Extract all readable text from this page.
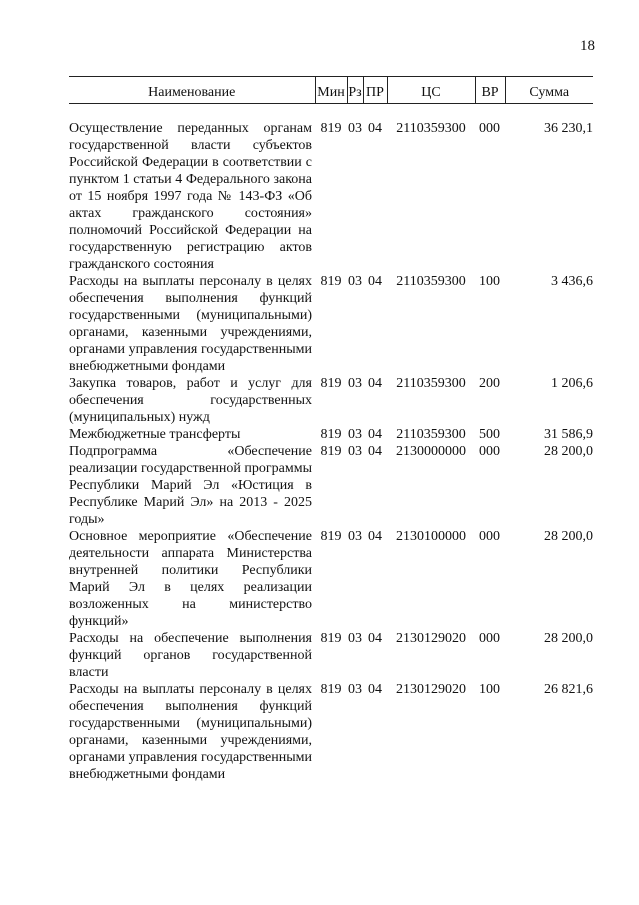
18
Наименование	Мин	Рз	ПР	ЦС	ВР	Сумма
Осуществление переданных органам государственной власти субъектов Российской Федерации в соответствии с пунктом 1 статьи 4 Федерального закона от 15 ноября 1997 года № 143-ФЗ «Об актах гражданского состояния» полномочий Российской Федерации на государственную регистрацию актов гражданского состояния	819	03	04	2110359300	000	36 230,1
Расходы на выплаты персоналу в целях обеспечения выполнения функций государственными (муниципальными) органами, казенными учреждениями, органами управления государственными внебюджетными фондами	819	03	04	2110359300	100	3 436,6
Закупка товаров, работ и услуг для обеспечения государственных (муниципальных) нужд	819	03	04	2110359300	200	1 206,6
Межбюджетные трансферты	819	03	04	2110359300	500	31 586,9
Подпрограмма «Обеспечение реализации государственной программы Республики Марий Эл «Юстиция в Республике Марий Эл» на 2013 - 2025 годы»	819	03	04	2130000000	000	28 200,0
Основное мероприятие «Обеспечение деятельности аппарата Министерства внутренней политики Республики Марий Эл в целях реализации возложенных на министерство функций»	819	03	04	2130100000	000	28 200,0
Расходы на обеспечение выполнения функций органов государственной власти	819	03	04	2130129020	000	28 200,0
Расходы на выплаты персоналу в целях обеспечения выполнения функций государственными (муниципальными) органами, казенными учреждениями, органами управления государственными внебюджетными фондами	819	03	04	2130129020	100	26 821,6
